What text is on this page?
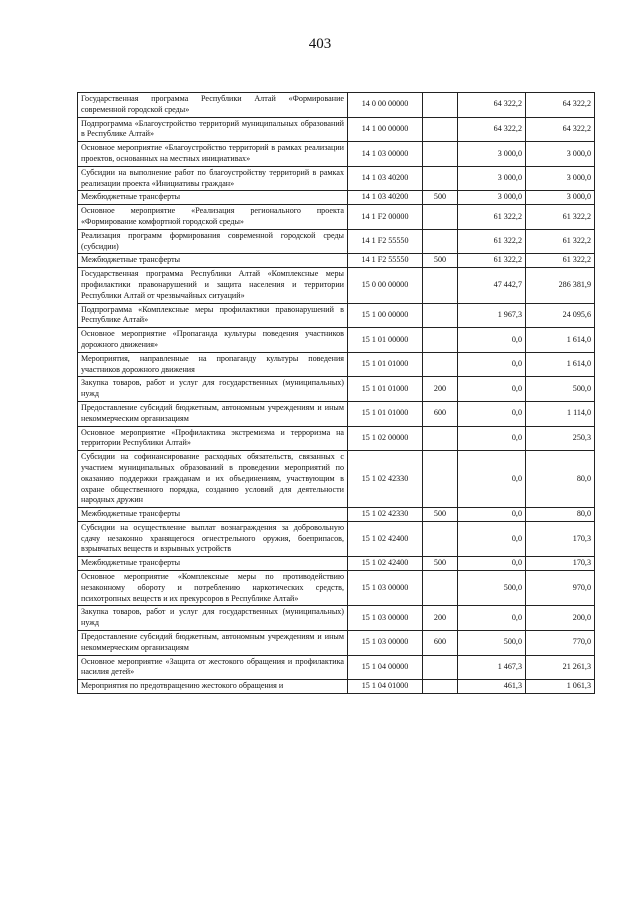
403
Государственная программа Республики Алтай «Формирование современной городской среды»	14 0 00 00000		64 322,2	64 322,2
Подпрограмма «Благоустройство территорий муниципальных образований в Республике Алтай»	14 1 00 00000		64 322,2	64 322,2
Основное мероприятие «Благоустройство территорий в рамках реализации проектов, основанных на местных инициативах»	14 1 03 00000		3 000,0	3 000,0
Субсидии на выполнение работ по благоустройству территорий в рамках реализации проекта «Инициативы граждан»	14 1 03 40200		3 000,0	3 000,0
Межбюджетные трансферты	14 1 03 40200	500	3 000,0	3 000,0
Основное мероприятие «Реализация регионального проекта «Формирование комфортной городской среды»	14 1 F2 00000		61 322,2	61 322,2
Реализация программ формирования современной городской среды (субсидии)	14 1 F2 55550		61 322,2	61 322,2
Межбюджетные трансферты	14 1 F2 55550	500	61 322,2	61 322,2
Государственная программа Республики Алтай «Комплексные меры профилактики правонарушений и защита населения и территории Республики Алтай от чрезвычайных ситуаций»	15 0 00 00000		47 442,7	286 381,9
Подпрограмма «Комплексные меры профилактики правонарушений в Республике Алтай»	15 1 00 00000		1 967,3	24 095,6
Основное мероприятие «Пропаганда культуры поведения участников дорожного движения»	15 1 01 00000		0,0	1 614,0
Мероприятия, направленные на пропаганду культуры поведения участников дорожного движения	15 1 01 01000		0,0	1 614,0
Закупка товаров, работ и услуг для государственных (муниципальных) нужд	15 1 01 01000	200	0,0	500,0
Предоставление субсидий бюджетным, автономным учреждениям и иным некоммерческим организациям	15 1 01 01000	600	0,0	1 114,0
Основное мероприятие «Профилактика экстремизма и терроризма на территории Республики Алтай»	15 1 02 00000		0,0	250,3
Субсидии на софинансирование расходных обязательств, связанных с участием муниципальных образований в проведении мероприятий по оказанию поддержки гражданам и их объединениям, участвующим в охране общественного порядка, созданию условий для деятельности народных дружин	15 1 02 42330		0,0	80,0
Межбюджетные трансферты	15 1 02 42330	500	0,0	80,0
Субсидии на осуществление выплат вознаграждения за добровольную сдачу незаконно хранящегося огнестрельного оружия, боеприпасов, взрывчатых веществ и взрывных устройств	15 1 02 42400		0,0	170,3
Межбюджетные трансферты	15 1 02 42400	500	0,0	170,3
Основное мероприятие «Комплексные меры по противодействию незаконному обороту и потреблению наркотических средств, психотропных веществ и их прекурсоров в Республике Алтай»	15 1 03 00000		500,0	970,0
Закупка товаров, работ и услуг для государственных (муниципальных) нужд	15 1 03 00000	200	0,0	200,0
Предоставление субсидий бюджетным, автономным учреждениям и иным некоммерческим организациям	15 1 03 00000	600	500,0	770,0
Основное мероприятие «Защита от жестокого обращения и профилактика насилия детей»	15 1 04 00000		1 467,3	21 261,3
Мероприятия по предотвращению жестокого обращения и	15 1 04 01000		461,3	1 061,3
